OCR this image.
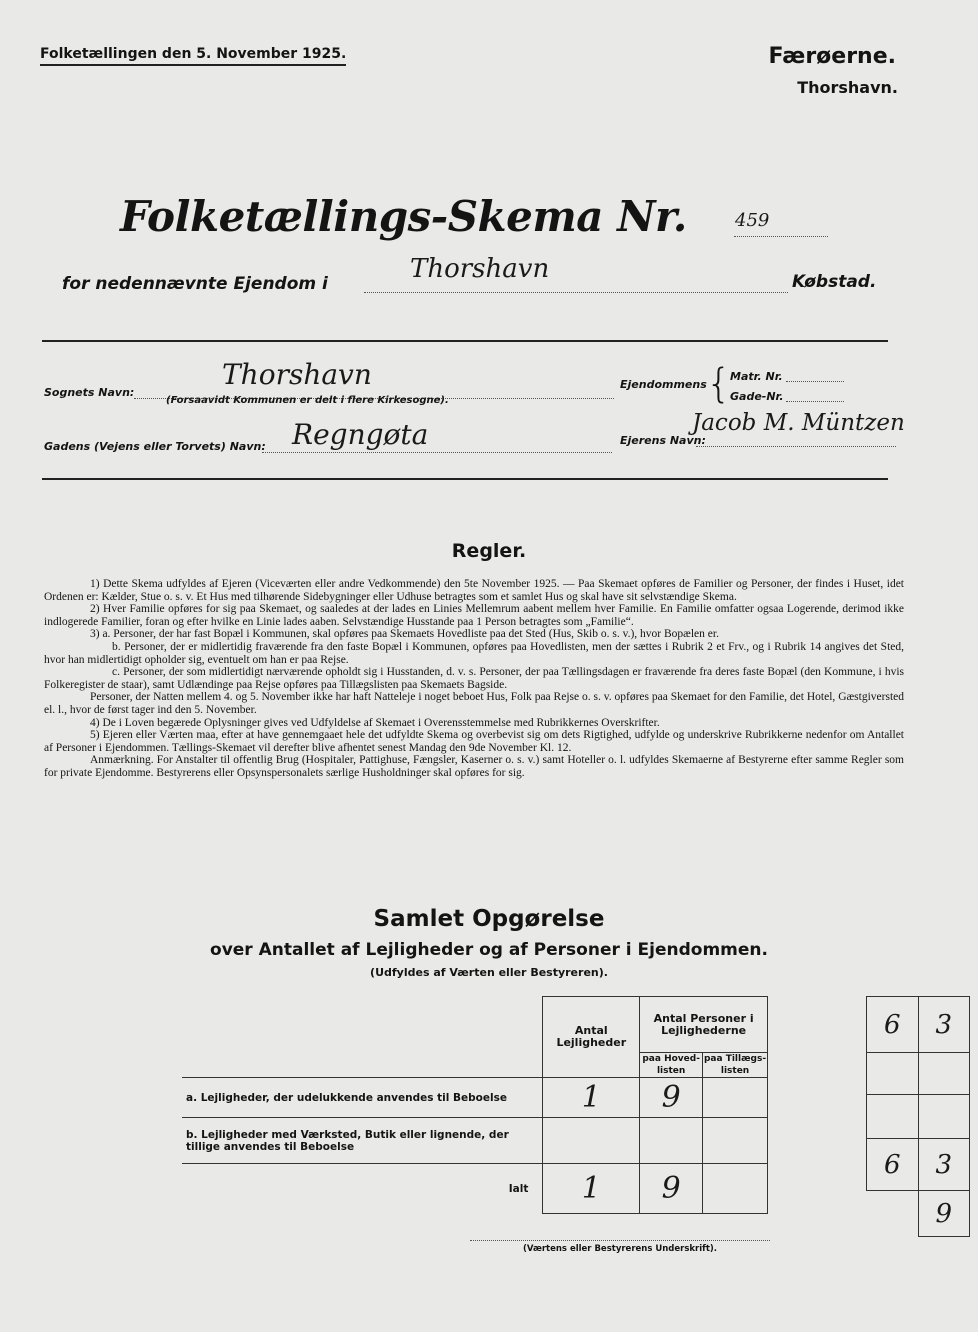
Folketællingen den 5. November 1925.	Færøerne.
Thorshavn.
Folketællings-Skema Nr.	459
for nedennævnte Ejendom i	Thorshavn	Købstad.
Sognets Navn:
Thorshavn
(Forsaavidt Kommunen er delt i flere Kirkesogne).
Ejendommens {
Matr. Nr.
Gade-Nr.
Gadens (Vejens eller Torvets) Navn: Regngøta	Ejerens Navn:
Jacob M. Müntzen
Regler.

1) Dette Skema udfyldes af Ejeren (Viceværten eller andre Vedkommende) den 5te November 1925. — Paa Skemaet opføres de Familier og Personer, der findes i Huset, idet Ordenen er: Kælder, Stue o. s. v. Et Hus med tilhørende Sidebygninger eller Udhuse betragtes som et samlet Hus og skal have sit selvstændige Skema.

2) Hver Familie opføres for sig paa Skemaet, og saaledes at der lades en Linies Mellemrum aabent mellem hver Familie. En Familie omfatter ogsaa Logerende, derimod ikke indlogerede Familier, foran og efter hvilke en Linie lades aaben. Selvstændige Husstande paa 1 Person betragtes som „Familie“.

3) a. Personer, der har fast Bopæl i Kommunen, skal opføres paa Skemaets Hovedliste paa det Sted (Hus, Skib o. s. v.), hvor Bopælen er.

b. Personer, der er midlertidig fraværende fra den faste Bopæl i Kommunen, opføres paa Hovedlisten, men der sættes i Rubrik 2 et Frv., og i Rubrik 14 angives det Sted, hvor han midlertidigt opholder sig, eventuelt om han er paa Rejse.

c. Personer, der som midlertidigt nærværende opholdt sig i Husstanden, d. v. s. Personer, der paa Tællingsdagen er fraværende fra deres faste Bopæl (den Kommune, i hvis Folkeregister de staar), samt Udlændinge paa Rejse opføres paa Tillægslisten paa Skemaets Bagside.

Personer, der Natten mellem 4. og 5. November ikke har haft Natteleje i noget beboet Hus, Folk paa Rejse o. s. v. opføres paa Skemaet for den Familie, det Hotel, Gæstgiversted el. l., hvor de først tager ind den 5. November.

4) De i Loven begærede Oplysninger gives ved Udfyldelse af Skemaet i Overensstemmelse med Rubrikkernes Overskrifter.

5) Ejeren eller Værten maa, efter at have gennemgaaet hele det udfyldte Skema og overbevist sig om dets Rigtighed, udfylde og underskrive Rubrikkerne nedenfor om Antallet af Personer i Ejendommen. Tællings-Skemaet vil derefter blive afhentet senest Mandag den 9de November Kl. 12.

Anmærkning. For Anstalter til offentlig Brug (Hospitaler, Pattighuse, Fængsler, Kaserner o. s. v.) samt Hoteller o. l. udfyldes Skemaerne af Bestyrerne efter samme Regler som for private Ejendomme. Bestyrerens eller Opsynspersonalets særlige Husholdninger skal opføres for sig.

Samlet Opgørelse
over Antallet af Lejligheder og af Personer i Ejendommen.
(Udfyldes af Værten eller Bestyreren).
	Antal Lejligheder	Antal Personer i Lejlighederne	
		paa Hoved-listen	paa Tillægs-listen
a. Lejligheder, der udelukkende anvendes til Beboelse	1	9	
b. Lejligheder med Værksted, Butik eller lignende, der tillige anvendes til Beboelse			
Ialt	1	9	
6	3

6	3
	9
(Værtens eller Bestyrerens Underskrift).
